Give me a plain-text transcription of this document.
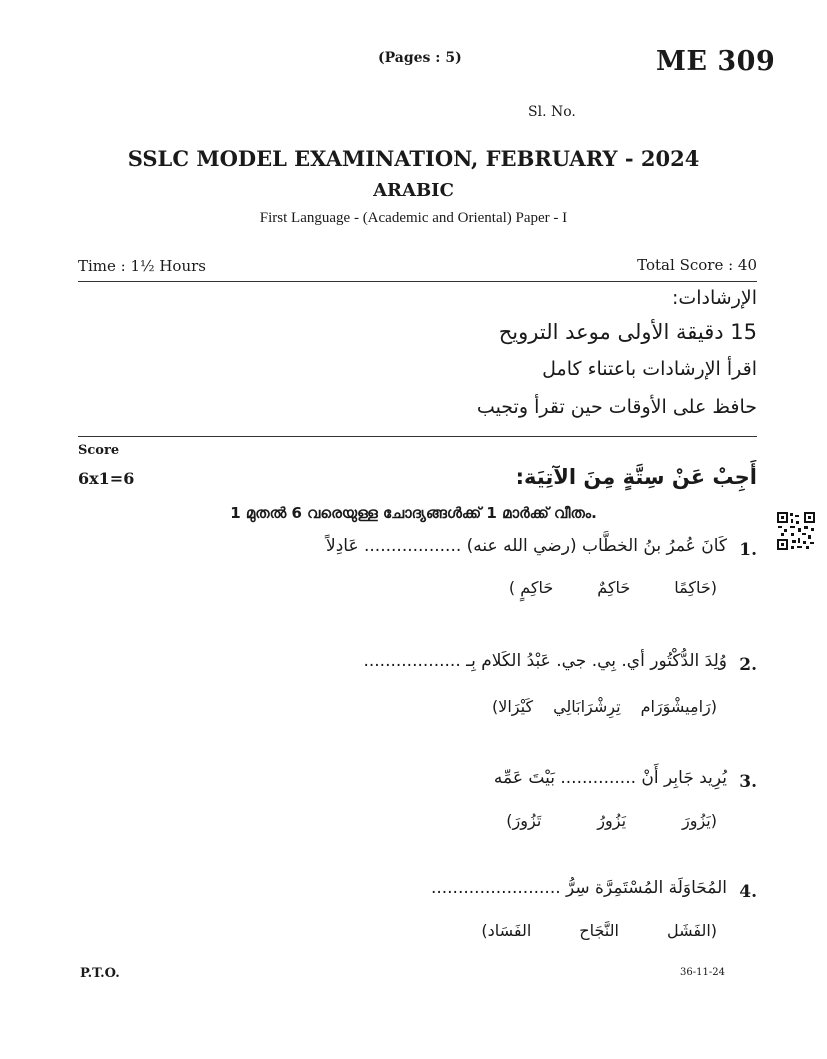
(Pages : 5)	ME 309
Sl. No.
SSLC MODEL EXAMINATION, FEBRUARY - 2024
ARABIC
First Language - (Academic and Oriental) Paper - I
Time : 1½ Hours	Total Score : 40
الإرشادات:
15 دقيقة الأولى موعد الترويح
اقرأ الإرشادات باعتناء كامل
حافظ على الأوقات حين تقرأ وتجيب
Score
6x1=6	أَجِبْ عَنْ سِتَّةٍ مِنَ الآتِيَة:
1 മുതൽ 6 വരെയുള്ള ചോദ്യങ്ങൾക്ക് 1 മാർക്ക് വീതം.
1.
كَانَ عُمرُ بنُ الخطَّاب (رضي الله عنه) .................. عَادِلاً
(حَاكِمًاحَاكِمٌحَاكِمٍ )
2.
وُلِدَ الدُّكْتُور أي. بِي. جي. عَبْدُ الكَلام بِـ ..................
(رَامِيشْوَرَامتِرِشْرَابَالِيكَيْرَالا)
3.
يُرِيد جَابِر أَنْ .............. بَيْتَ عَمِّه
(يَزُورَيَزُورُتَزُورَ)
4.
المُحَاوَلَة المُسْتَمِرَّة سِرُّ ........................
(الفَشَلالنَّجَاحالفَسَاد)
P.T.O.	36-11-24
